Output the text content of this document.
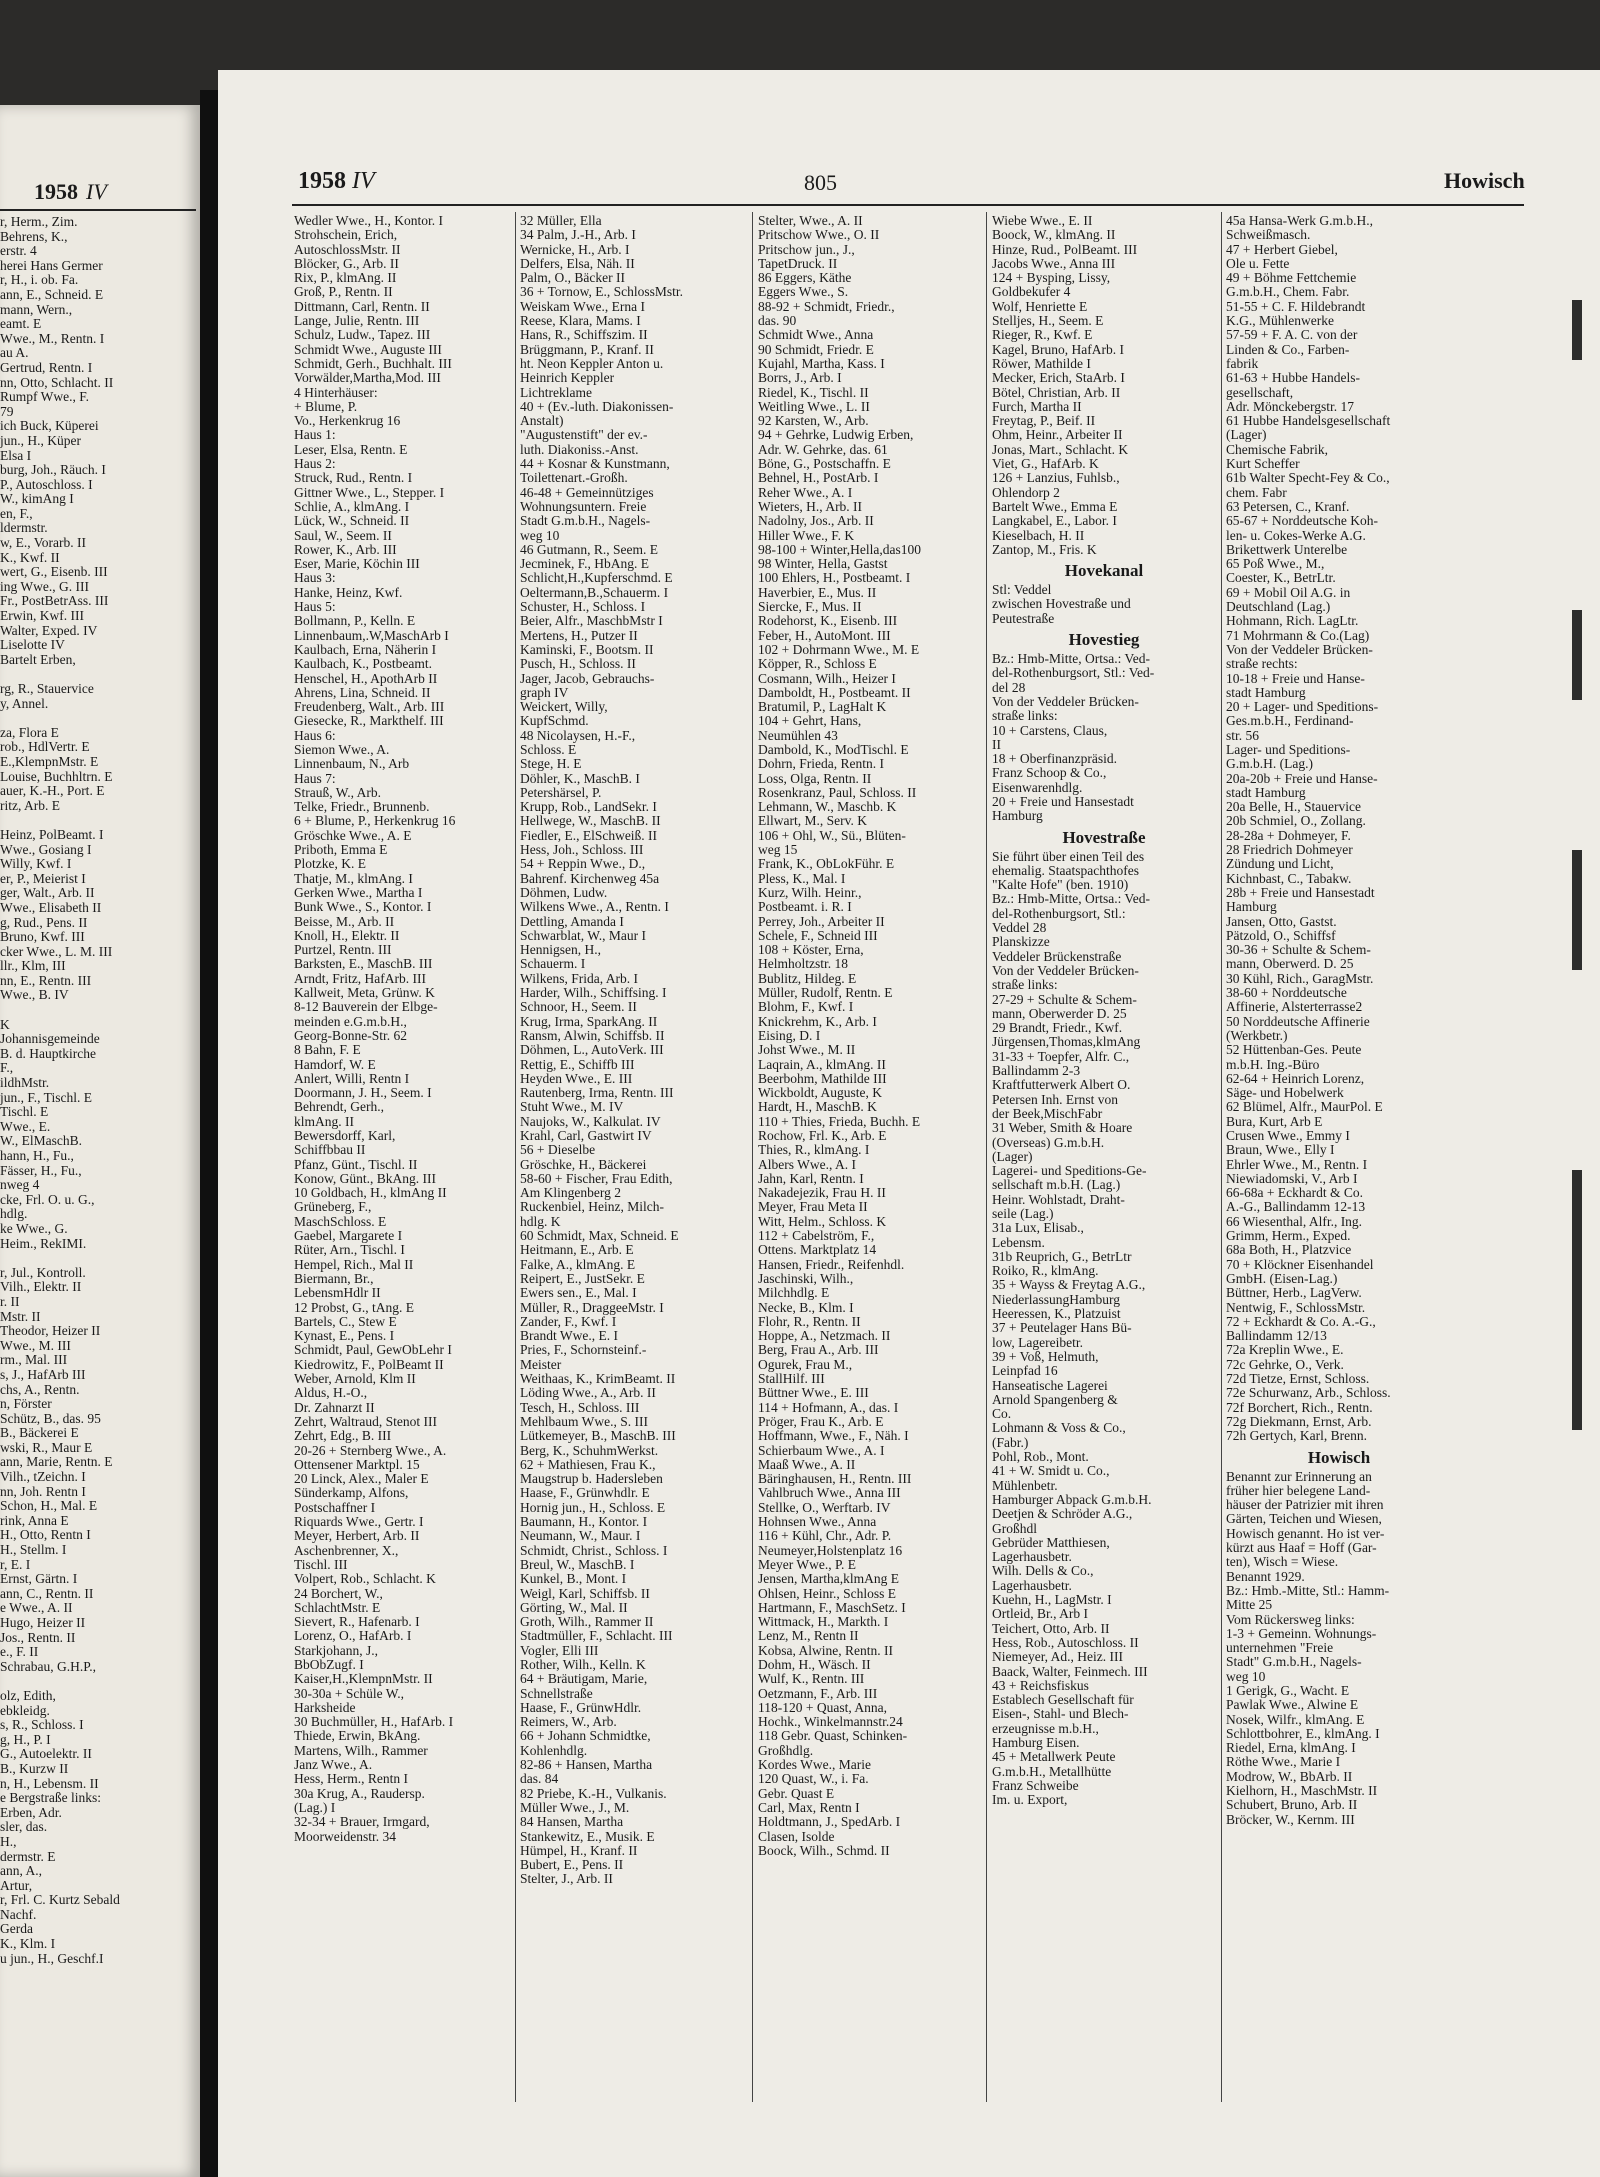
1958 IV
r, Herm., Zim.
Behrens, K.,
erstr. 4
herei Hans Germer
r, H., i. ob. Fa.
ann, E., Schneid. E
mann, Wern.,
eamt. E
Wwe., M., Rentn. I
au A.
Gertrud, Rentn. I
nn, Otto, Schlacht. II
Rumpf Wwe., F.
79
ich Buck, Küperei
jun., H., Küper
Elsa I
burg, Joh., Räuch. I
P., Autoschloss. I
W., kimAng I
en, F.,
ldermstr.
w, E., Vorarb. II
K., Kwf. II
wert, G., Eisenb. III
ing Wwe., G. III
Fr., PostBetrAss. III
Erwin, Kwf. III
Walter, Exped. IV
Liselotte IV
Bartelt Erben,
rg, R., Stauervice
y, Annel.
za, Flora E
rob., HdlVertr. E
E.,KlempnMstr. E
Louise, Buchhltrn. E
auer, K.-H., Port. E
ritz, Arb. E
Heinz, PolBeamt. I
Wwe., Gosiang I
Willy, Kwf. I
er, P., Meierist I
ger, Walt., Arb. II
Wwe., Elisabeth II
g, Rud., Pens. II
Bruno, Kwf. III
cker Wwe., L. M. III
llr., Klm, III
nn, E., Rentn. III
Wwe., B. IV
K
Johannisgemeinde
B. d. Hauptkirche
F.,
ildhMstr.
jun., F., Tischl. E
Tischl. E
Wwe., E.
W., ElMaschB.
hann, H., Fu.,
Fässer, H., Fu.,
nweg 4
cke, Frl. O. u. G.,
hdlg.
ke Wwe., G.
Heim., RekIMI.
r, Jul., Kontroll.
Vilh., Elektr. II
r. II
Mstr. II
Theodor, Heizer II
Wwe., M. III
rm., Mal. III
s, J., HafArb III
chs, A., Rentn.
n, Förster
Schütz, B., das. 95
B., Bäckerei E
wski, R., Maur E
ann, Marie, Rentn. E
Vilh., tZeichn. I
nn, Joh. Rentn I
Schon, H., Mal. E
rink, Anna E
H., Otto, Rentn I
H., Stellm. I
r, E. I
Ernst, Gärtn. I
ann, C., Rentn. II
e Wwe., A. II
Hugo, Heizer II
Jos., Rentn. II
e., F. II
Schrabau, G.H.P.,
olz, Edith,
ebkleidg.
s, R., Schloss. I
g, H., P. I
G., Autoelektr. II
B., Kurzw II
n, H., Lebensm. II
e Bergstraße links:
Erben, Adr.
sler, das.
H.,
dermstr. E
ann, A.,
Artur,
r, Frl. C. Kurtz Sebald
Nachf.
Gerda
K., Klm. I
u jun., H., Geschf.I
1958 IV	805	Howisch
Wedler Wwe., H., Kontor. I
Strohschein, Erich,
AutoschlossMstr. II
Blöcker, G., Arb. II
Rix, P., klmAng. II
Groß, P., Rentn. II
Dittmann, Carl, Rentn. II
Lange, Julie, Rentn. III
Schulz, Ludw., Tapez. III
Schmidt Wwe., Auguste III
Schmidt, Gerh., Buchhalt. III
Vorwälder,Martha,Mod. III
4 Hinterhäuser:
+ Blume, P.
Vo., Herkenkrug 16
Haus 1:
Leser, Elsa, Rentn. E
Haus 2:
Struck, Rud., Rentn. I
Gittner Wwe., L., Stepper. I
Schlie, A., klmAng. I
Lück, W., Schneid. II
Saul, W., Seem. II
Rower, K., Arb. III
Eser, Marie, Köchin III
Haus 3:
Hanke, Heinz, Kwf.
Haus 5:
Bollmann, P., Kelln. E
Linnenbaum,.W,MaschArb I
Kaulbach, Erna, Näherin I
Kaulbach, K., Postbeamt.
Henschel, H., ApothArb II
Ahrens, Lina, Schneid. II
Freudenberg, Walt., Arb. III
Giesecke, R., Markthelf. III
Haus 6:
Siemon Wwe., A.
Linnenbaum, N., Arb
Haus 7:
Strauß, W., Arb.
Telke, Friedr., Brunnenb.
6 + Blume, P., Herkenkrug 16
Gröschke Wwe., A. E
Priboth, Emma E
Plotzke, K. E
Thatje, M., klmAng. I
Gerken Wwe., Martha I
Bunk Wwe., S., Kontor. I
Beisse, M., Arb. II
Knoll, H., Elektr. II
Purtzel, Rentn. III
Barksten, E., MaschB. III
Arndt, Fritz, HafArb. III
Kallweit, Meta, Grünw. K
8-12 Bauverein der Elbge-
meinden e.G.m.b.H.,
Georg-Bonne-Str. 62
8 Bahn, F. E
Hamdorf, W. E
Anlert, Willi, Rentn I
Doormann, J. H., Seem. I
Behrendt, Gerh.,
klmAng. II
Bewersdorff, Karl,
Schiffbbau II
Pfanz, Günt., Tischl. II
Konow, Günt., BkAng. III
10 Goldbach, H., klmAng II
Grüneberg, F.,
MaschSchloss. E
Gaebel, Margarete I
Rüter, Arn., Tischl. I
Hempel, Rich., Mal II
Biermann, Br.,
LebensmHdlr II
12 Probst, G., tAng. E
Bartels, C., Stew E
Kynast, E., Pens. I
Schmidt, Paul, GewObLehr I
Kiedrowitz, F., PolBeamt II
Weber, Arnold, Klm II
Aldus, H.-O.,
Dr. Zahnarzt II
Zehrt, Waltraud, Stenot III
Zehrt, Edg., B. III
20-26 + Sternberg Wwe., A.
Ottensener Marktpl. 15
20 Linck, Alex., Maler E
Sünderkamp, Alfons,
Postschaffner I
Riquards Wwe., Gertr. I
Meyer, Herbert, Arb. II
Aschenbrenner, X.,
Tischl. III
Volpert, Rob., Schlacht. K
24 Borchert, W.,
SchlachtMstr. E
Sievert, R., Hafenarb. I
Lorenz, O., HafArb. I
Starkjohann, J.,
BbObZugf. I
Kaiser,H.,KlempnMstr. II
30-30a + Schüle W.,
Harksheide
30 Buchmüller, H., HafArb. I
Thiede, Erwin, BkAng.
Martens, Wilh., Rammer
Janz Wwe., A.
Hess, Herm., Rentn I
30a Krug, A., Raudersp.
(Lag.) I
32-34 + Brauer, Irmgard,
Moorweidenstr. 34
32 Müller, Ella
34 Palm, J.-H., Arb. I
Wernicke, H., Arb. I
Delfers, Elsa, Näh. II
Palm, O., Bäcker II
36 + Tornow, E., SchlossMstr.
Weiskam Wwe., Erna I
Reese, Klara, Mams. I
Hans, R., Schiffszim. II
Brüggmann, P., Kranf. II
ht. Neon Keppler Anton u.
Heinrich Keppler
Lichtreklame
40 + (Ev.-luth. Diakonissen-
Anstalt)
"Augustenstift" der ev.-
luth. Diakoniss.-Anst.
44 + Kosnar & Kunstmann,
Toilettenart.-Großh.
46-48 + Gemeinnütziges
Wohnungsuntern. Freie
Stadt G.m.b.H., Nagels-
weg 10
46 Gutmann, R., Seem. E
Jecminek, F., HbAng. E
Schlicht,H.,Kupferschmd. E
Oeltermann,B.,Schauerm. I
Schuster, H., Schloss. I
Beier, Alfr., MaschbMstr I
Mertens, H., Putzer II
Kaminski, F., Bootsm. II
Pusch, H., Schloss. II
Jager, Jacob, Gebrauchs-
graph IV
Weickert, Willy,
KupfSchmd.
48 Nicolaysen, H.-F.,
Schloss. E
Stege, H. E
Döhler, K., MaschB. I
Petershärsel, P.
Krupp, Rob., LandSekr. I
Hellwege, W., MaschB. II
Fiedler, E., ElSchweiß. II
Hess, Joh., Schloss. III
54 + Reppin Wwe., D.,
Bahrenf. Kirchenweg 45a
Döhmen, Ludw.
Wilkens Wwe., A., Rentn. I
Dettling, Amanda I
Schwarblat, W., Maur I
Hennigsen, H.,
Schauerm. I
Wilkens, Frida, Arb. I
Harder, Wilh., Schiffsing. I
Schnoor, H., Seem. II
Krug, Irma, SparkAng. II
Ransm, Alwin, Schiffsb. II
Döhmen, L., AutoVerk. III
Rettig, E., Schiffb III
Heyden Wwe., E. III
Rautenberg, Irma, Rentn. III
Stuht Wwe., M. IV
Naujoks, W., Kalkulat. IV
Krahl, Carl, Gastwirt IV
56 + Dieselbe
Gröschke, H., Bäckerei
58-60 + Fischer, Frau Edith,
Am Klingenberg 2
Ruckenbiel, Heinz, Milch-
hdlg. K
60 Schmidt, Max, Schneid. E
Heitmann, E., Arb. E
Falke, A., klmAng. E
Reipert, E., JustSekr. E
Ewers sen., E., Mal. I
Müller, R., DraggeeMstr. I
Zander, F., Kwf. I
Brandt Wwe., E. I
Pries, F., Schornsteinf.-
Meister
Weithaas, K., KrimBeamt. II
Löding Wwe., A., Arb. II
Tesch, H., Schloss. III
Mehlbaum Wwe., S. III
Lütkemeyer, B., MaschB. III
Berg, K., SchuhmWerkst.
62 + Mathiesen, Frau K.,
Maugstrup b. Hadersleben
Haase, F., Grünwhdlr. E
Hornig jun., H., Schloss. E
Baumann, H., Kontor. I
Neumann, W., Maur. I
Schmidt, Christ., Schloss. I
Breul, W., MaschB. I
Kunkel, B., Mont. I
Weigl, Karl, Schiffsb. II
Görting, W., Mal. II
Groth, Wilh., Rammer II
Stadtmüller, F., Schlacht. III
Vogler, Elli III
Rother, Wilh., Kelln. K
64 + Bräutigam, Marie,
Schnellstraße
Haase, F., GrünwHdlr.
Reimers, W., Arb.
66 + Johann Schmidtke,
Kohlenhdlg.
82-86 + Hansen, Martha
das. 84
82 Priebe, K.-H., Vulkanis.
Müller Wwe., J., M.
84 Hansen, Martha
Stankewitz, E., Musik. E
Hümpel, H., Kranf. II
Bubert, E., Pens. II
Stelter, J., Arb. II
Stelter, Wwe., A. II
Pritschow Wwe., O. II
Pritschow jun., J.,
TapetDruck. II
86 Eggers, Käthe
Eggers Wwe., S.
88-92 + Schmidt, Friedr.,
das. 90
Schmidt Wwe., Anna
90 Schmidt, Friedr. E
Kujahl, Martha, Kass. I
Borrs, J., Arb. I
Riedel, K., Tischl. II
Weitling Wwe., L. II
92 Karsten, W., Arb.
94 + Gehrke, Ludwig Erben,
Adr. W. Gehrke, das. 61
Böne, G., Postschaffn. E
Behnel, H., PostArb. I
Reher Wwe., A. I
Wieters, H., Arb. II
Nadolny, Jos., Arb. II
Hiller Wwe., F. K
98-100 + Winter,Hella,das100
98 Winter, Hella, Gastst
100 Ehlers, H., Postbeamt. I
Haverbier, E., Mus. II
Siercke, F., Mus. II
Rodehorst, K., Eisenb. III
Feber, H., AutoMont. III
102 + Dohrmann Wwe., M. E
Köpper, R., Schloss E
Cosmann, Wilh., Heizer I
Damboldt, H., Postbeamt. II
Bratumil, P., LagHalt K
104 + Gehrt, Hans,
Neumühlen 43
Dambold, K., ModTischl. E
Dohrn, Frieda, Rentn. I
Loss, Olga, Rentn. II
Rosenkranz, Paul, Schloss. II
Lehmann, W., Maschb. K
Ellwart, M., Serv. K
106 + Ohl, W., Sü., Blüten-
weg 15
Frank, K., ObLokFühr. E
Pless, K., Mal. I
Kurz, Wilh. Heinr.,
Postbeamt. i. R. I
Perrey, Joh., Arbeiter II
Schele, F., Schneid III
108 + Köster, Erna,
Helmholtzstr. 18
Bublitz, Hildeg. E
Müller, Rudolf, Rentn. E
Blohm, F., Kwf. I
Knickrehm, K., Arb. I
Eising, D. I
Johst Wwe., M. II
Laqrain, A., klmAng. II
Beerbohm, Mathilde III
Wickboldt, Auguste, K
Hardt, H., MaschB. K
110 + Thies, Frieda, Buchh. E
Rochow, Frl. K., Arb. E
Thies, R., klmAng. I
Albers Wwe., A. I
Jahn, Karl, Rentn. I
Nakadejezik, Frau H. II
Meyer, Frau Meta II
Witt, Helm., Schloss. K
112 + Cabelström, F.,
Ottens. Marktplatz 14
Hansen, Friedr., Reifenhdl.
Jaschinski, Wilh.,
Milchhdlg. E
Necke, B., Klm. I
Flohr, R., Rentn. II
Hoppe, A., Netzmach. II
Berg, Frau A., Arb. III
Ogurek, Frau M.,
StallHilf. III
Büttner Wwe., E. III
114 + Hofmann, A., das. I
Pröger, Frau K., Arb. E
Hoffmann, Wwe., F., Näh. I
Schierbaum Wwe., A. I
Maaß Wwe., A. II
Bäringhausen, H., Rentn. III
Vahlbruch Wwe., Anna III
Stellke, O., Werftarb. IV
Hohnsen Wwe., Anna
116 + Kühl, Chr., Adr. P.
Neumeyer,Holstenplatz 16
Meyer Wwe., P. E
Jensen, Martha,klmAng E
Ohlsen, Heinr., Schloss E
Hartmann, F., MaschSetz. I
Wittmack, H., Markth. I
Lenz, M., Rentn II
Kobsa, Alwine, Rentn. II
Dohm, H., Wäsch. II
Wulf, K., Rentn. III
Oetzmann, F., Arb. III
118-120 + Quast, Anna,
Hochk., Winkelmannstr.24
118 Gebr. Quast, Schinken-
Großhdlg.
Kordes Wwe., Marie
120 Quast, W., i. Fa.
Gebr. Quast E
Carl, Max, Rentn I
Holdtmann, J., SpedArb. I
Clasen, Isolde
Boock, Wilh., Schmd. II
Wiebe Wwe., E. II
Boock, W., klmAng. II
Hinze, Rud., PolBeamt. III
Jacobs Wwe., Anna III
124 + Bysping, Lissy,
Goldbekufer 4
Wolf, Henriette E
Stelljes, H., Seem. E
Rieger, R., Kwf. E
Kagel, Bruno, HafArb. I
Röwer, Mathilde I
Mecker, Erich, StaArb. I
Bötel, Christian, Arb. II
Furch, Martha II
Freytag, P., Beif. II
Ohm, Heinr., Arbeiter II
Jonas, Mart., Schlacht. K
Viet, G., HafArb. K
126 + Lanzius, Fuhlsb.,
Ohlendorp 2
Bartelt Wwe., Emma E
Langkabel, E., Labor. I
Kieselbach, H. II
Zantop, M., Fris. K
Hovekanal
Stl: Veddel
zwischen Hovestraße und
Peutestraße
Hovestieg
Bz.: Hmb-Mitte, Ortsa.: Ved-
del-Rothenburgsort, Stl.: Ved-
del 28
Von der Veddeler Brücken-
straße links:
10 + Carstens, Claus,
II
18 + Oberfinanzpräsid.
Franz Schoop & Co.,
Eisenwarenhdlg.
20 + Freie und Hansestadt
Hamburg
Hovestraße
Sie führt über einen Teil des
ehemalig. Staatspachthofes
"Kalte Hofe" (ben. 1910)
Bz.: Hmb-Mitte, Ortsa.: Ved-
del-Rothenburgsort, Stl.:
Veddel 28
Planskizze
Veddeler Brückenstraße
Von der Veddeler Brücken-
straße links:
27-29 + Schulte & Schem-
mann, Oberwerder D. 25
29 Brandt, Friedr., Kwf.
Jürgensen,Thomas,klmAng
31-33 + Toepfer, Alfr. C.,
Ballindamm 2-3
Kraftfutterwerk Albert O.
Petersen Inh. Ernst von
der Beek,MischFabr
31 Weber, Smith & Hoare
(Overseas) G.m.b.H.
(Lager)
Lagerei- und Speditions-Ge-
sellschaft m.b.H. (Lag.)
Heinr. Wohlstadt, Draht-
seile (Lag.)
31a Lux, Elisab.,
Lebensm.
31b Reuprich, G., BetrLtr
Roiko, R., klmAng.
35 + Wayss & Freytag A.G.,
NiederlassungHamburg
Heeressen, K., Platzuist
37 + Peutelager Hans Bü-
low, Lagereibetr.
39 + Voß, Helmuth,
Leinpfad 16
Hanseatische Lagerei
Arnold Spangenberg &
Co.
Lohmann & Voss & Co.,
(Fabr.)
Pohl, Rob., Mont.
41 + W. Smidt u. Co.,
Mühlenbetr.
Hamburger Abpack G.m.b.H.
Deetjen & Schröder A.G.,
Großhdl
Gebrüder Matthiesen,
Lagerhausbetr.
Wilh. Dells & Co.,
Lagerhausbetr.
Kuehn, H., LagMstr. I
Ortleid, Br., Arb I
Teichert, Otto, Arb. II
Hess, Rob., Autoschloss. II
Niemeyer, Ad., Heiz. III
Baack, Walter, Feinmech. III
43 + Reichsfiskus
Establech Gesellschaft für
Eisen-, Stahl- und Blech-
erzeugnisse m.b.H.,
Hamburg Eisen.
45 + Metallwerk Peute
G.m.b.H., Metallhütte
Franz Schweibe
Im. u. Export,
45a Hansa-Werk G.m.b.H.,
Schweißmasch.
47 + Herbert Giebel,
Ole u. Fette
49 + Böhme Fettchemie
G.m.b.H., Chem. Fabr.
51-55 + C. F. Hildebrandt
K.G., Mühlenwerke
57-59 + F. A. C. von der
Linden & Co., Farben-
fabrik
61-63 + Hubbe Handels-
gesellschaft,
Adr. Mönckebergstr. 17
61 Hubbe Handelsgesellschaft
(Lager)
Chemische Fabrik,
Kurt Scheffer
61b Walter Specht-Fey & Co.,
chem. Fabr
63 Petersen, C., Kranf.
65-67 + Norddeutsche Koh-
len- u. Cokes-Werke A.G.
Brikettwerk Unterelbe
65 Poß Wwe., M.,
Coester, K., BetrLtr.
69 + Mobil Oil A.G. in
Deutschland (Lag.)
Hohmann, Rich. LagLtr.
71 Mohrmann & Co.(Lag)
Von der Veddeler Brücken-
straße rechts:
10-18 + Freie und Hanse-
stadt Hamburg
20 + Lager- und Speditions-
Ges.m.b.H., Ferdinand-
str. 56
Lager- und Speditions-
G.m.b.H. (Lag.)
20a-20b + Freie und Hanse-
stadt Hamburg
20a Belle, H., Stauervice
20b Schmiel, O., Zollang.
28-28a + Dohmeyer, F.
28 Friedrich Dohmeyer
Zündung und Licht,
Kichnbast, C., Tabakw.
28b + Freie und Hansestadt
Hamburg
Jansen, Otto, Gastst.
Pätzold, O., Schiffsf
30-36 + Schulte & Schem-
mann, Oberwerd. D. 25
30 Kühl, Rich., GaragMstr.
38-60 + Norddeutsche
Affinerie, Alsterterrasse2
50 Norddeutsche Affinerie
(Werkbetr.)
52 Hüttenban-Ges. Peute
m.b.H. Ing.-Büro
62-64 + Heinrich Lorenz,
Säge- und Hobelwerk
62 Blümel, Alfr., MaurPol. E
Bura, Kurt, Arb E
Crusen Wwe., Emmy I
Braun, Wwe., Elly I
Ehrler Wwe., M., Rentn. I
Niewiadomski, V., Arb I
66-68a + Eckhardt & Co.
A.-G., Ballindamm 12-13
66 Wiesenthal, Alfr., Ing.
Grimm, Herm., Exped.
68a Both, H., Platzvice
70 + Klöckner Eisenhandel
GmbH. (Eisen-Lag.)
Büttner, Herb., LagVerw.
Nentwig, F., SchlossMstr.
72 + Eckhardt & Co. A.-G.,
Ballindamm 12/13
72a Kreplin Wwe., E.
72c Gehrke, O., Verk.
72d Tietze, Ernst, Schloss.
72e Schurwanz, Arb., Schloss.
72f Borchert, Rich., Rentn.
72g Diekmann, Ernst, Arb.
72h Gertych, Karl, Brenn.
Howisch
Benannt zur Erinnerung an
früher hier belegene Land-
häuser der Patrizier mit ihren
Gärten, Teichen und Wiesen,
Howisch genannt. Ho ist ver-
kürzt aus Haaf = Hoff (Gar-
ten), Wisch = Wiese.
Benannt 1929.
Bz.: Hmb.-Mitte, Stl.: Hamm-
Mitte 25
Vom Rückersweg links:
1-3 + Gemeinn. Wohnungs-
unternehmen "Freie
Stadt" G.m.b.H., Nagels-
weg 10
1 Gerigk, G., Wacht. E
Pawlak Wwe., Alwine E
Nosek, Wilfr., klmAng. E
Schlottbohrer, E., klmAng. I
Riedel, Erna, klmAng. I
Röthe Wwe., Marie I
Modrow, W., BbArb. II
Kielhorn, H., MaschMstr. II
Schubert, Bruno, Arb. II
Bröcker, W., Kernm. III
